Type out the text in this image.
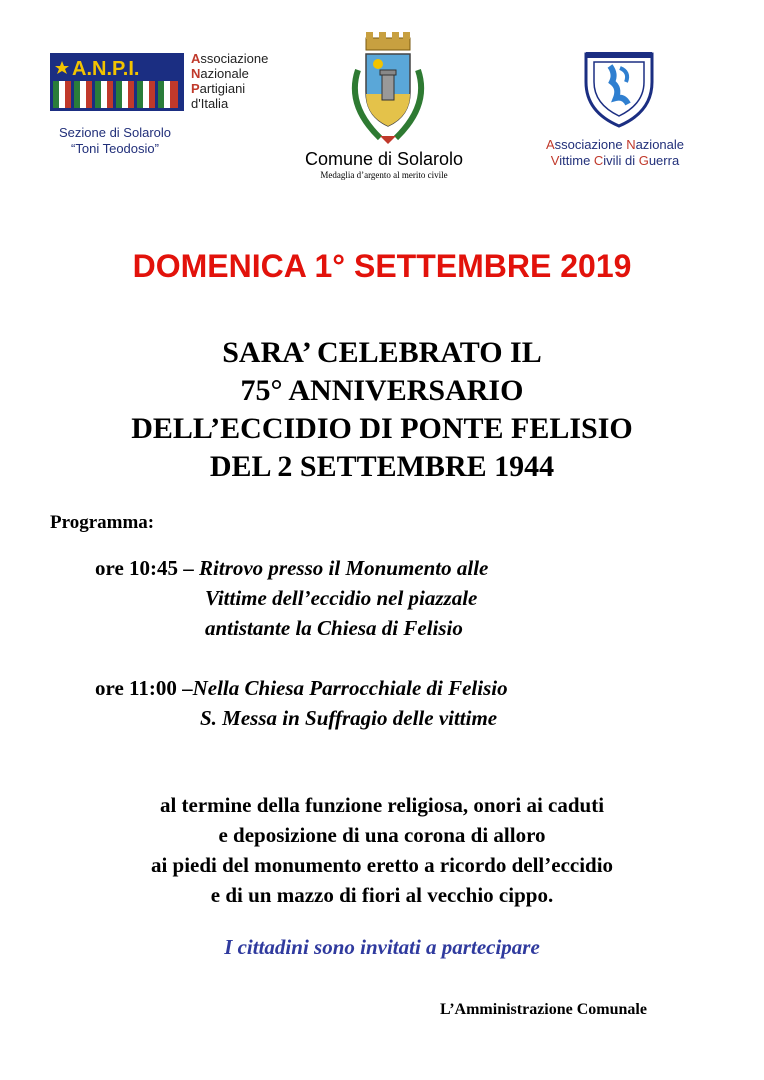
A.N.P.I.	Associazione
Nazionale
Partigiani
d'Italia
Sezione di Solarolo
“Toni Teodosio”
Comune di Solarolo
Medaglia d’argento al merito civile
Associazione Nazionale
Vittime Civili di Guerra
DOMENICA 1° SETTEMBRE 2019
SARA’ CELEBRATO IL
75° ANNIVERSARIO
DELL’ECCIDIO DI PONTE FELISIO
DEL 2 SETTEMBRE 1944
Programma:
ore 10:45 – Ritrovo presso il Monumento alle
Vittime dell’eccidio nel piazzale
antistante la Chiesa di Felisio
ore 11:00 –Nella Chiesa Parrocchiale di Felisio
S. Messa in Suffragio delle vittime
al termine della funzione religiosa, onori ai caduti
e deposizione di una corona di alloro
ai piedi del monumento eretto a ricordo dell’eccidio
e di un mazzo di fiori al vecchio cippo.
I cittadini sono invitati a partecipare
L’Amministrazione Comunale
